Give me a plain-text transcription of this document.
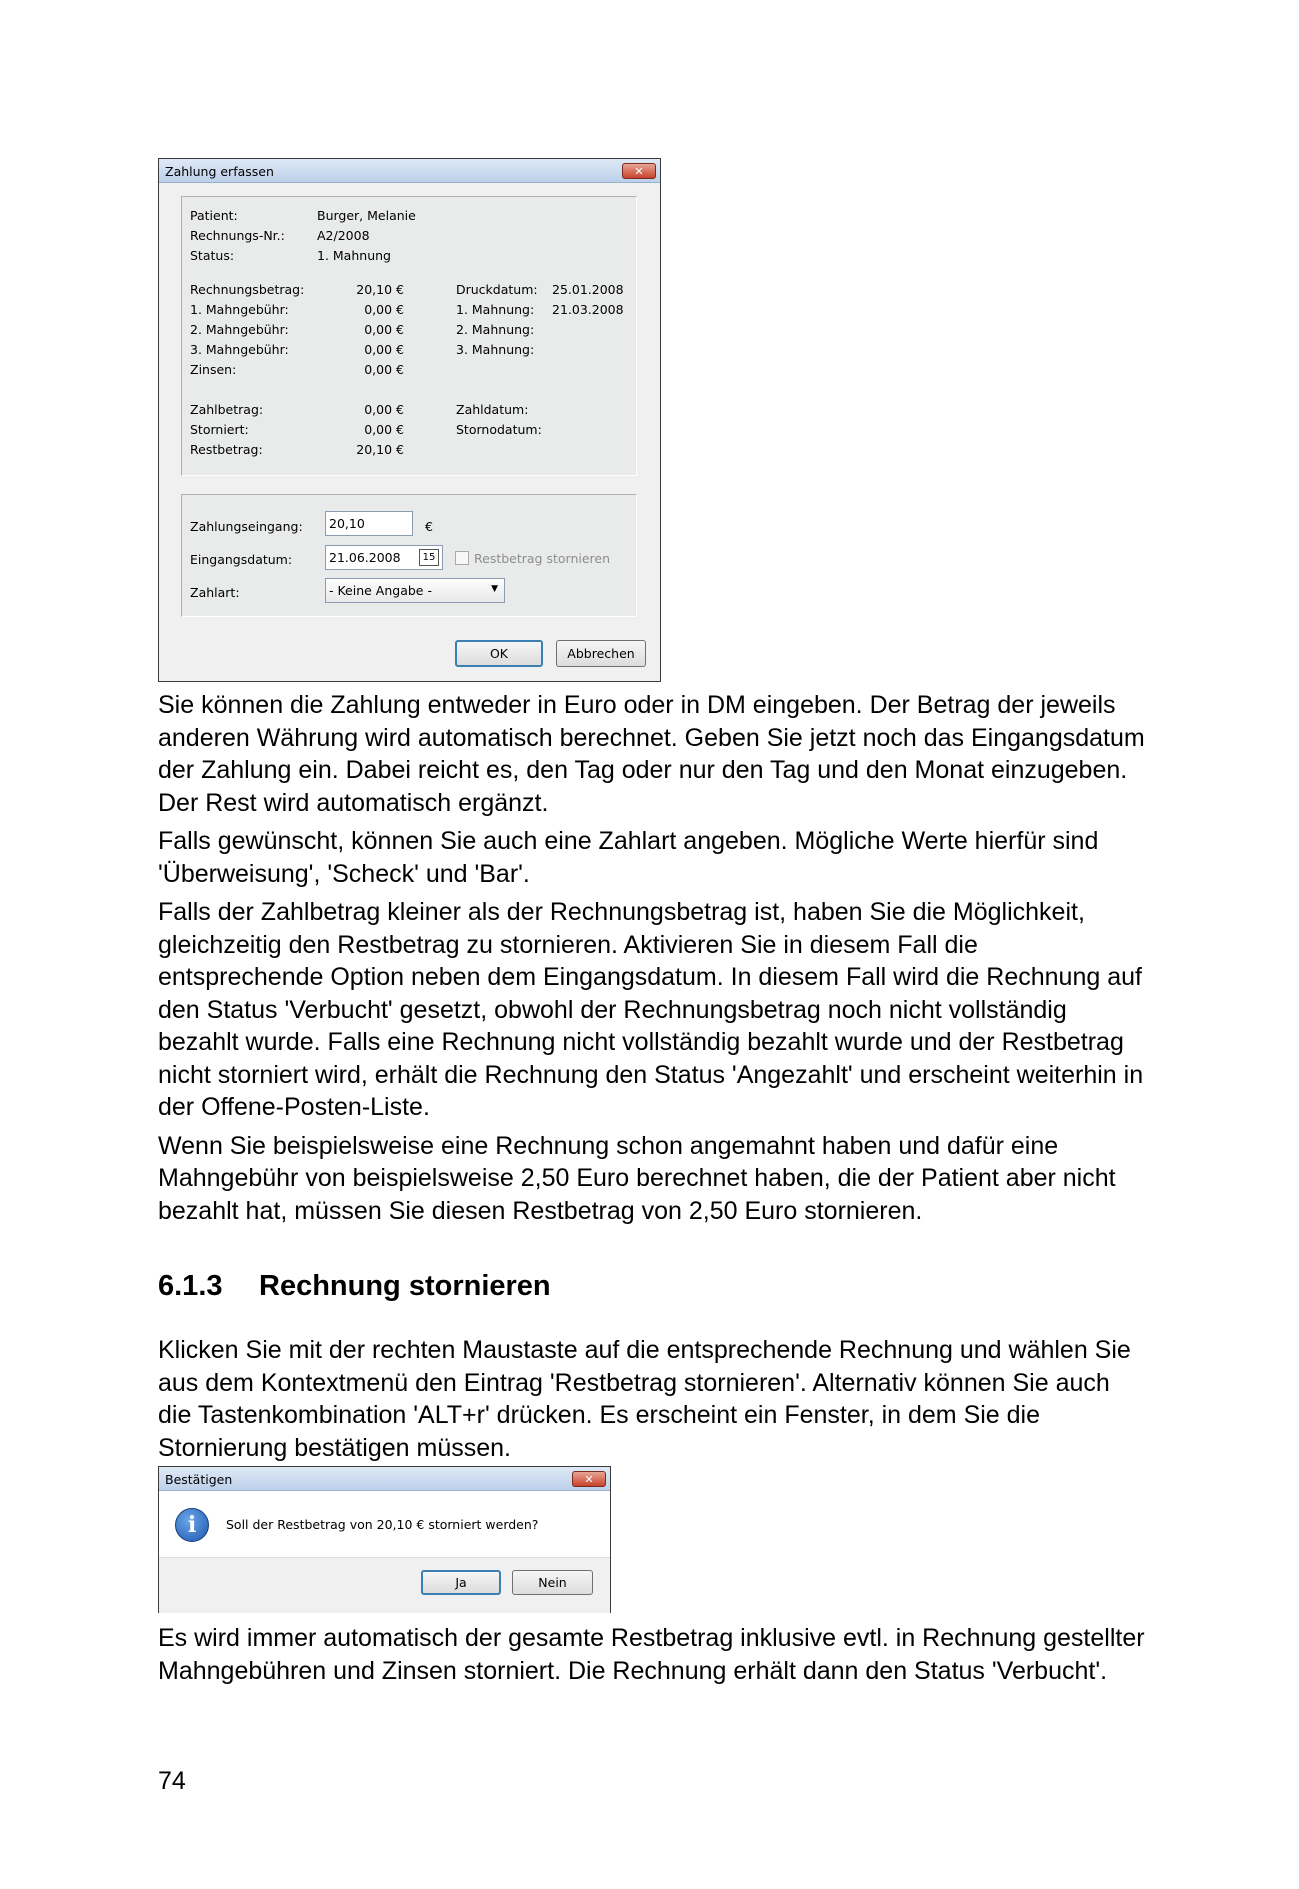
Zahlung erfassen	✕
Patient:	Burger, Melanie
Rechnungs-Nr.:	A2/2008
Status:	1. Mahnung
Rechnungsbetrag:	20,10 €	Druckdatum: 25.01.2008
1. Mahngebühr:	0,00 €	1. Mahnung: 21.03.2008
2. Mahngebühr:	0,00 €	2. Mahnung:
3. Mahngebühr:	0,00 €	3. Mahnung:
Zinsen:	0,00 €
Zahlbetrag:	0,00 €	Zahldatum:
Storniert:	0,00 €	Stornodatum:
Restbetrag:	20,10 €
Zahlungseingang:	20,10	€
Eingangsdatum:	21.06.2008	15	Restbetrag stornieren
Zahlart:	- Keine Angabe -	▼
OK	Abbrechen

Sie können die Zahlung entweder in Euro oder in DM eingeben. Der Betrag der jeweils anderen Währung wird automatisch berechnet. Geben Sie jetzt noch das Eingangsdatum der Zahlung ein. Dabei reicht es, den Tag oder nur den Tag und den Monat einzugeben. Der Rest wird automatisch ergänzt.

Falls gewünscht, können Sie auch eine Zahlart angeben. Mögliche Werte hierfür sind 'Überweisung', 'Scheck' und 'Bar'.

Falls der Zahlbetrag kleiner als der Rechnungsbetrag ist, haben Sie die Möglichkeit, gleichzeitig den Restbetrag zu stornieren. Aktivieren Sie in diesem Fall die entsprechende Option neben dem Eingangsdatum. In diesem Fall wird die Rechnung auf den Status 'Verbucht' gesetzt, obwohl der Rechnungsbetrag noch nicht vollständig bezahlt wurde. Falls eine Rechnung nicht vollständig bezahlt wurde und der Restbetrag nicht storniert wird, erhält die Rechnung den Status 'Angezahlt' und erscheint weiterhin in der Offene-Posten-Liste.

Wenn Sie beispielsweise eine Rechnung schon angemahnt haben und dafür eine Mahngebühr von beispielsweise 2,50 Euro berechnet haben, die der Patient aber nicht bezahlt hat, müssen Sie diesen Restbetrag von 2,50 Euro stornieren.

6.1.3 Rechnung stornieren

Klicken Sie mit der rechten Maustaste auf die entsprechende Rechnung und wählen Sie aus dem Kontextmenü den Eintrag 'Restbetrag stornieren'. Alternativ können Sie auch die Tastenkombination 'ALT+r' drücken. Es erscheint ein Fenster, in dem Sie die Stornierung bestätigen müssen.

Bestätigen	✕
i	Soll der Restbetrag von 20,10 € storniert werden?
Ja	Nein

Es wird immer automatisch der gesamte Restbetrag inklusive evtl. in Rechnung gestellter Mahngebühren und Zinsen storniert. Die Rechnung erhält dann den Status 'Verbucht'.

74
